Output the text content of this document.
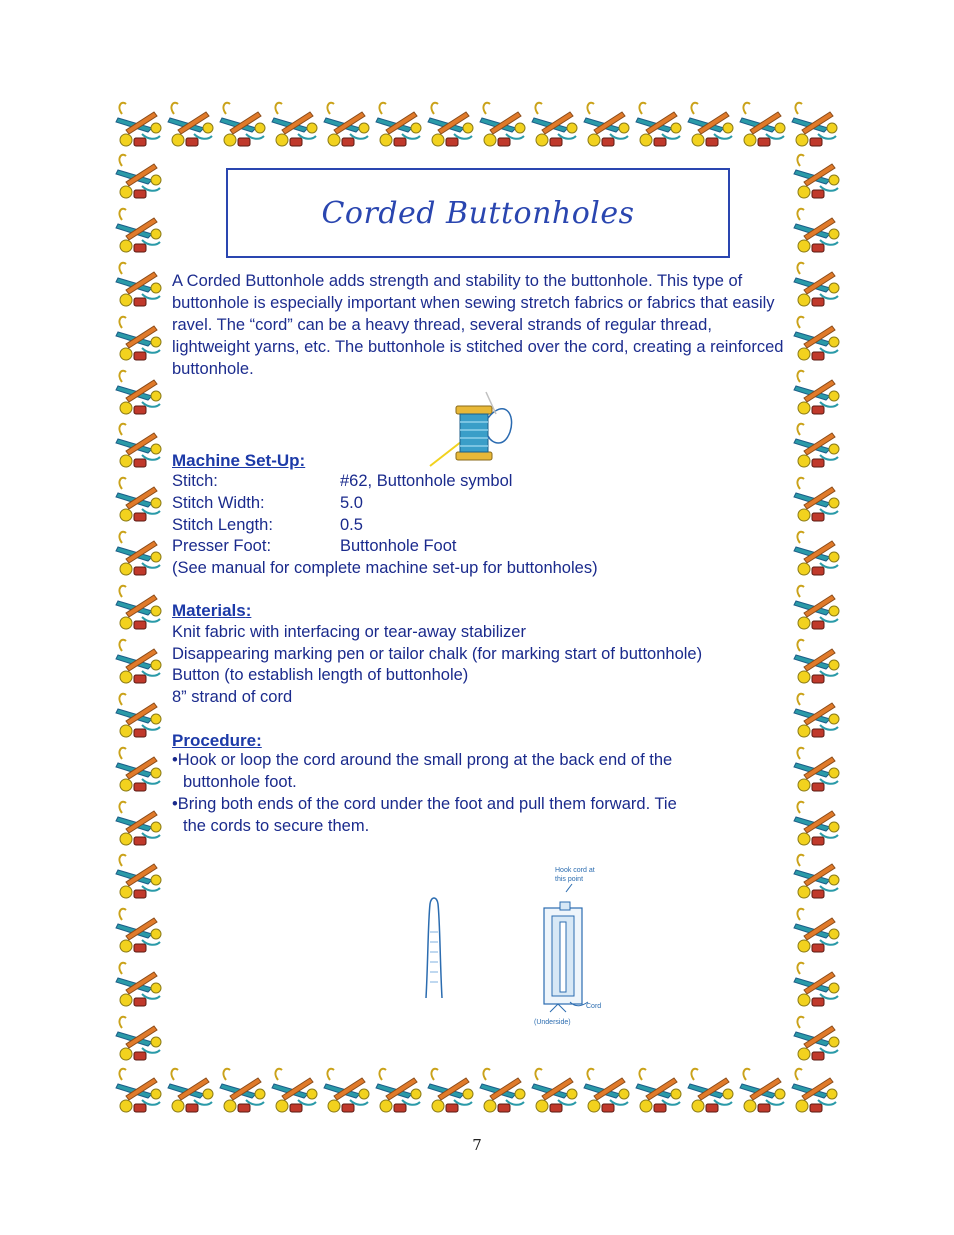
Corded Buttonholes
A Corded Buttonhole adds strength and stability to the buttonhole. This type of buttonhole is especially important when sewing stretch fabrics or fabrics that easily ravel. The “cord” can be a heavy thread, several strands of regular thread, lightweight yarns, etc. The buttonhole is stitched over the cord, creating a reinforced buttonhole.
Machine Set-Up:
Stitch:	#62, Buttonhole symbol
Stitch Width:	5.0
Stitch Length:	0.5
Presser Foot:	Buttonhole Foot
(See manual for complete machine set-up for buttonholes)
Materials:
Knit fabric with interfacing or tear-away stabilizer
Disappearing marking pen or tailor chalk (for marking start of buttonhole)
Button (to establish length of buttonhole)
8” strand of cord
Procedure:
•Hook or loop the cord around the small prong at the back end of the
buttonhole foot.
•Bring both ends of the cord under the foot and pull them forward. Tie
the cords to secure them.
Hook cord at
this point
Cord
(Underside)
7
